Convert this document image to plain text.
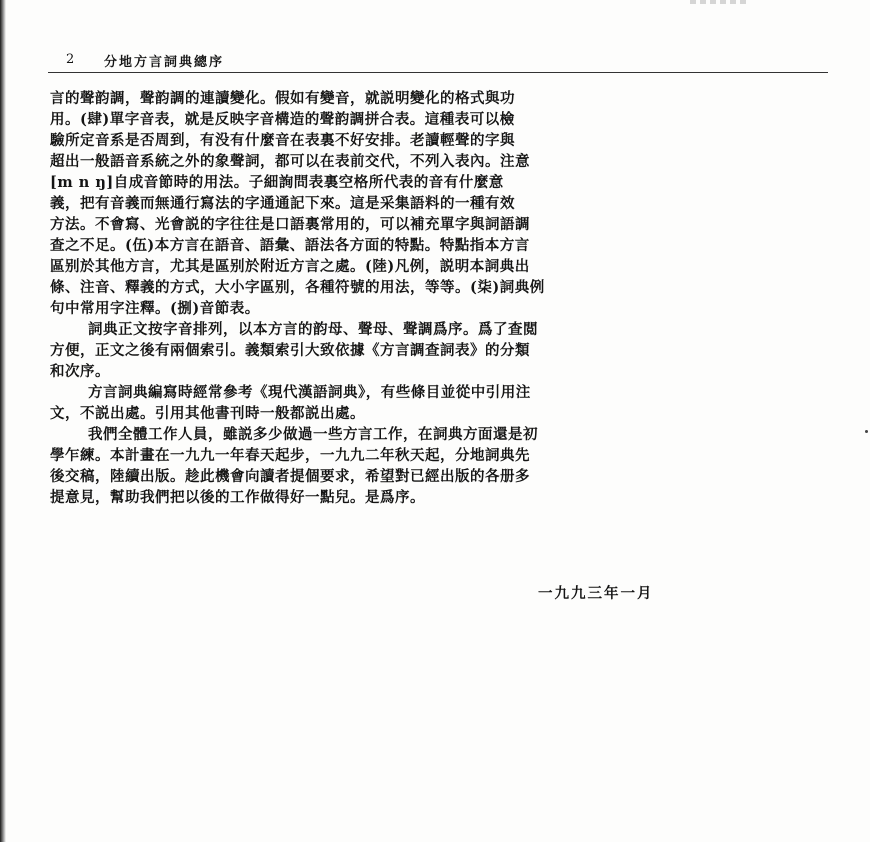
2 分地方言詞典總序
言的聲韵調，聲韵調的連讀變化。假如有變音，就説明變化的格式與功
用。(肆)單字音表，就是反映字音構造的聲韵調拼合表。這種表可以檢
驗所定音系是否周到，有没有什麼音在表裏不好安排。老讀輕聲的字與
超出一般語音系統之外的象聲詞，都可以在表前交代，不列入表內。注意
[m n ŋ]自成音節時的用法。子細詢問表裏空格所代表的音有什麼意
義，把有音義而無通行寫法的字通通記下來。這是采集語料的一種有效
方法。不會寫、光會説的字往往是口語裏常用的，可以補充單字與詞語調
查之不足。(伍)本方言在語音、語彙、語法各方面的特點。特點指本方言
區别於其他方言，尤其是區别於附近方言之處。(陸)凡例，説明本詞典出
條、注音、釋義的方式，大小字區别，各種符號的用法，等等。(柒)詞典例
句中常用字注釋。(捌)音節表。
詞典正文按字音排列，以本方言的韵母、聲母、聲調爲序。爲了查閲
方便，正文之後有兩個索引。義類索引大致依據《方言調查詞表》的分類
和次序。
方言詞典編寫時經常參考《現代漢語詞典》，有些條目並從中引用注
文，不説出處。引用其他書刊時一般都説出處。
我們全體工作人員，雖説多少做過一些方言工作，在詞典方面還是初
學乍練。本計畫在一九九一年春天起步，一九九二年秋天起，分地詞典先
後交稿，陸續出版。趁此機會向讀者提個要求，希望對已經出版的各册多
提意見，幫助我們把以後的工作做得好一點兒。是爲序。
一九九三年一月
